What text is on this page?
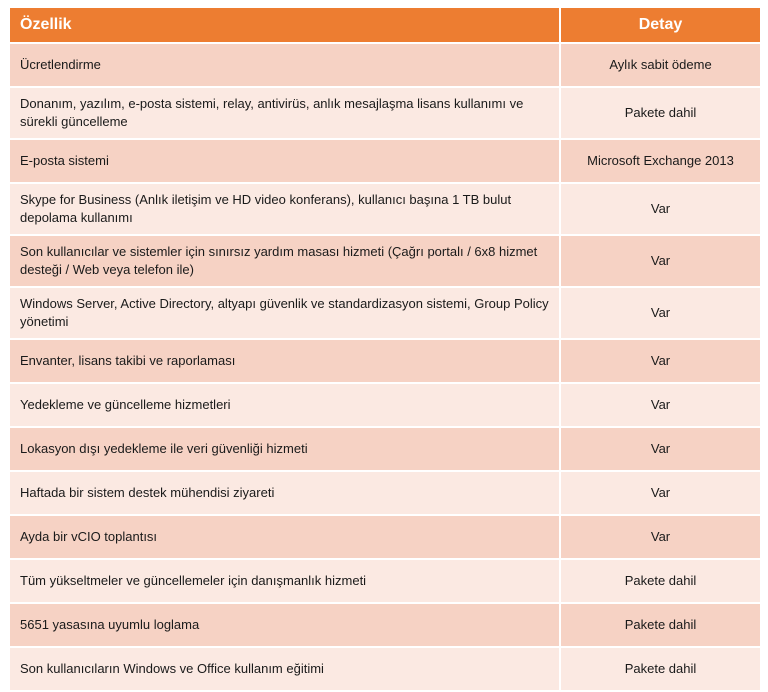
Özellik	Detay
Ücretlendirme	Aylık sabit ödeme
Donanım, yazılım, e-posta sistemi, relay, antivirüs, anlık mesajlaşma lisans kullanımı ve sürekli güncelleme	Pakete dahil
E-posta sistemi	Microsoft Exchange 2013
Skype for Business (Anlık iletişim ve HD video konferans), kullanıcı başına 1 TB bulut depolama kullanımı	Var
Son kullanıcılar ve sistemler için sınırsız yardım masası hizmeti (Çağrı portalı / 6x8 hizmet desteği / Web veya telefon ile)	Var
Windows Server, Active Directory, altyapı güvenlik ve standardizasyon sistemi, Group Policy yönetimi	Var
Envanter, lisans takibi ve raporlaması	Var
Yedekleme ve güncelleme hizmetleri	Var
Lokasyon dışı yedekleme ile veri güvenliği hizmeti	Var
Haftada bir sistem destek mühendisi ziyareti	Var
Ayda bir vCIO toplantısı	Var
Tüm yükseltmeler ve güncellemeler için danışmanlık hizmeti	Pakete dahil
5651 yasasına uyumlu loglama	Pakete dahil
Son kullanıcıların Windows ve Office kullanım eğitimi	Pakete dahil
